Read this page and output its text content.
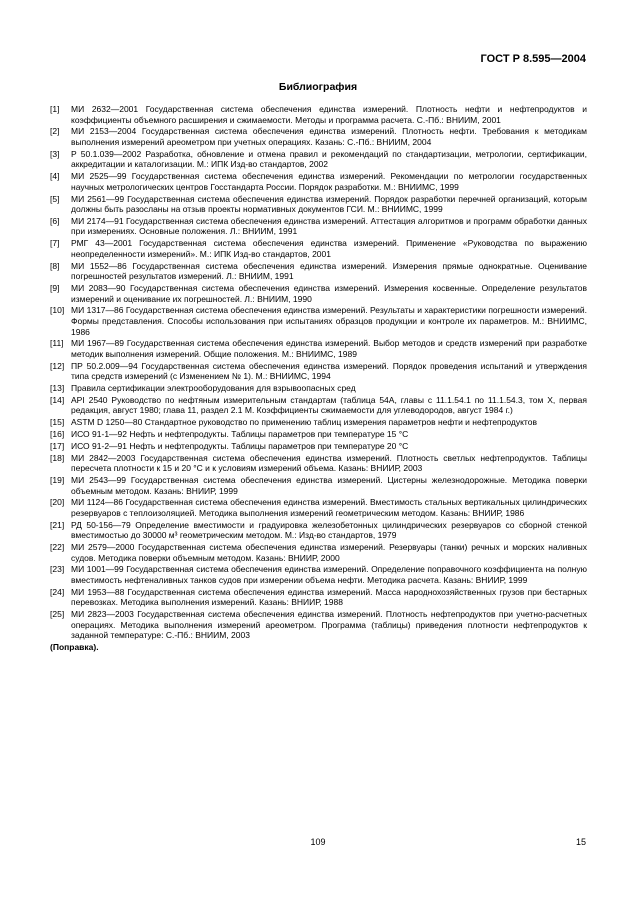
ГОСТ Р 8.595—2004
Библиография
[1]	МИ 2632—2001 Государственная система обеспечения единства измерений. Плотность нефти и нефтепродуктов и коэффициенты объемного расширения и сжимаемости. Методы и программа расчета. С.-Пб.: ВНИИМ, 2001
[2]	МИ 2153—2004 Государственная система обеспечения единства измерений. Плотность нефти. Требования к методикам выполнения измерений ареометром при учетных операциях. Казань: С.-Пб.: ВНИИМ, 2004
[3]	Р 50.1.039—2002 Разработка, обновление и отмена правил и рекомендаций по стандартизации, метрологии, сертификации, аккредитации и каталогизации. М.: ИПК Изд-во стандартов, 2002
[4]	МИ 2525—99 Государственная система обеспечения единства измерений. Рекомендации по метрологии государственных научных метрологических центров Госстандарта России. Порядок разработки. М.: ВНИИМС, 1999
[5]	МИ 2561—99 Государственная система обеспечения единства измерений. Порядок разработки перечней организаций, которым должны быть разосланы на отзыв проекты нормативных документов ГСИ. М.: ВНИИМС, 1999
[6]	МИ 2174—91 Государственная система обеспечения единства измерений. Аттестация алгоритмов и программ обработки данных при измерениях. Основные положения. Л.: ВНИИМ, 1991
[7]	РМГ 43—2001 Государственная система обеспечения единства измерений. Применение «Руководства по выражению неопределенности измерений». М.: ИПК Изд-во стандартов, 2001
[8]	МИ 1552—86 Государственная система обеспечения единства измерений. Измерения прямые однократные. Оценивание погрешностей результатов измерений. Л.: ВНИИМ, 1991
[9]	МИ 2083—90 Государственная система обеспечения единства измерений. Измерения косвенные. Определение результатов измерений и оценивание их погрешностей. Л.: ВНИИМ, 1990
[10] МИ 1317—86 Государственная система обеспечения единства измерений. Результаты и характеристики погрешности измерений. Формы представления. Способы использования при испытаниях образцов продукции и контроле их параметров. М.: ВНИИМС, 1986
[11] МИ 1967—89 Государственная система обеспечения единства измерений. Выбор методов и средств измерений при разработке методик выполнения измерений. Общие положения. М.: ВНИИМС, 1989
[12] ПР 50.2.009—94 Государственная система обеспечения единства измерений. Порядок проведения испытаний и утверждения типа средств измерений (с Изменением № 1). М.: ВНИИМС, 1994
[13] Правила сертификации электрооборудования для взрывоопасных сред
[14] API 2540 Руководство по нефтяным измерительным стандартам (таблица 54A, главы с 11.1.54.1 по 11.1.54.3, том X, первая редакция, август 1980; глава 11, раздел 2.1 М. Коэффициенты сжимаемости для углеводородов, август 1984 г.)
[15] ASTM D 1250—80 Стандартное руководство по применению таблиц измерения параметров нефти и нефтепродуктов
[16] ИСО 91-1—92 Нефть и нефтепродукты. Таблицы параметров при температуре 15 °С
[17] ИСО 91-2—91 Нефть и нефтепродукты. Таблицы параметров при температуре 20 °С
[18] МИ 2842—2003 Государственная система обеспечения единства измерений. Плотность светлых нефтепродуктов. Таблицы пересчета плотности к 15 и 20 °С и к условиям измерений объема. Казань: ВНИИР, 2003
[19] МИ 2543—99 Государственная система обеспечения единства измерений. Цистерны железнодорожные. Методика поверки объемным методом. Казань: ВНИИР, 1999
[20] МИ 1124—86 Государственная система обеспечения единства измерений. Вместимость стальных вертикальных цилиндрических резервуаров с теплоизоляцией. Методика выполнения измерений геометрическим методом. Казань: ВНИИР, 1986
[21] РД 50-156—79 Определение вместимости и градуировка железобетонных цилиндрических резервуаров со сборной стенкой вместимостью до 30000 м³ геометрическим методом. М.: Изд-во стандартов, 1979
[22] МИ 2579—2000 Государственная система обеспечения единства измерений. Резервуары (танки) речных и морских наливных судов. Методика поверки объемным методом. Казань: ВНИИР, 2000
[23] МИ 1001—99 Государственная система обеспечения единства измерений. Определение поправочного коэффициента на полную вместимость нефтеналивных танков судов при измерении объема нефти. Методика расчета. Казань: ВНИИР, 1999
[24] МИ 1953—88 Государственная система обеспечения единства измерений. Масса народнохозяйственных грузов при бестарных перевозках. Методика выполнения измерений. Казань: ВНИИР, 1988
[25] МИ 2823—2003 Государственная система обеспечения единства измерений. Плотность нефтепродуктов при учетно-расчетных операциях. Методика выполнения измерений ареометром. Программа (таблицы) приведения плотности нефтепродуктов к заданной температуре: С.-Пб.: ВНИИМ, 2003
(Поправка).
109	15
